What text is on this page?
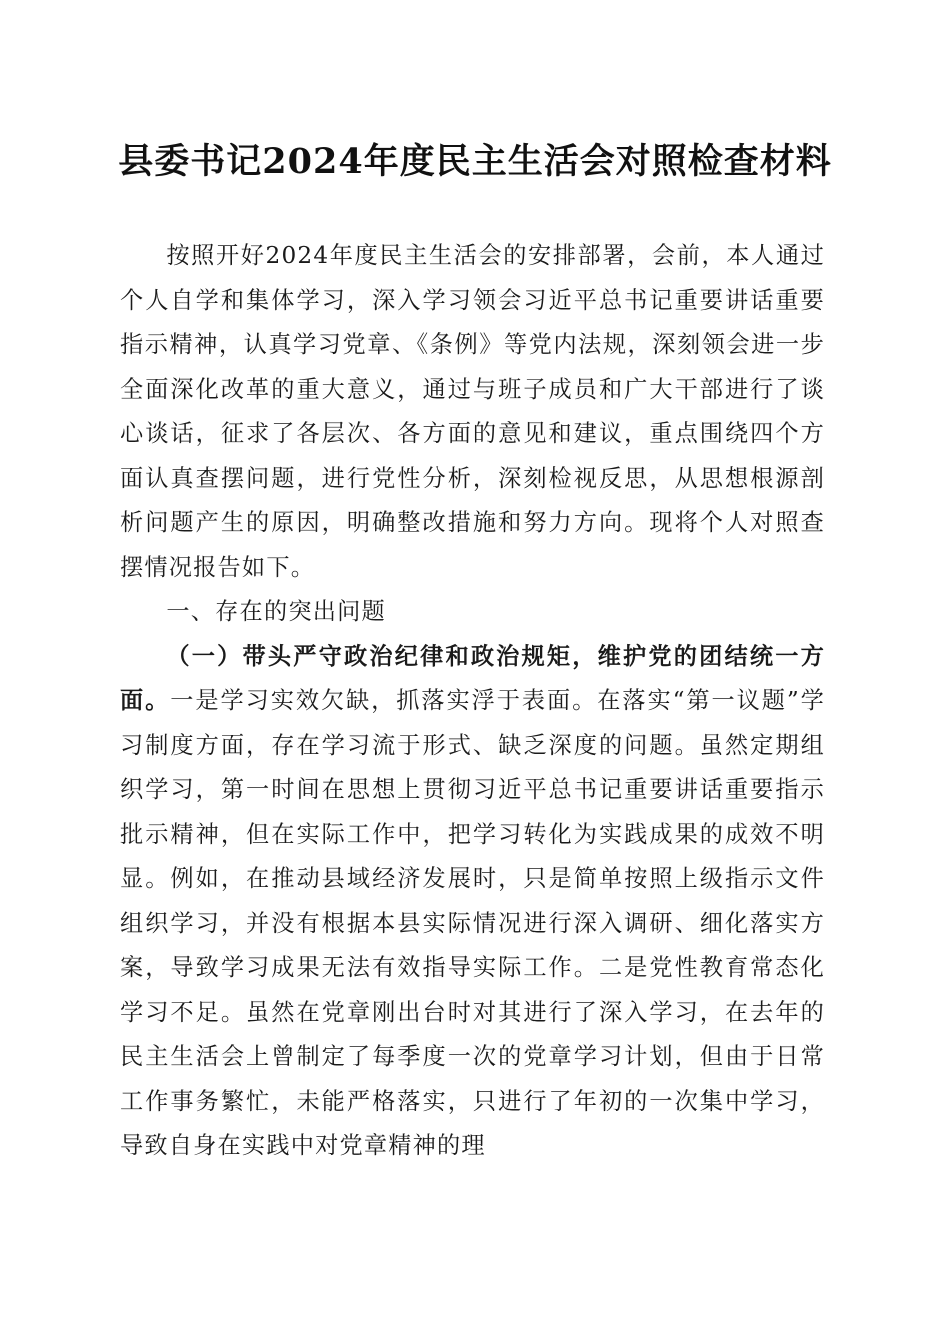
县委书记2024年度民主生活会对照检查材料

按照开好2024年度民主生活会的安排部署，会前，本人通过个人自学和集体学习，深入学习领会习近平总书记重要讲话重要指示精神，认真学习党章、《条例》等党内法规，深刻领会进一步全面深化改革的重大意义，通过与班子成员和广大干部进行了谈心谈话，征求了各层次、各方面的意见和建议，重点围绕四个方面认真查摆问题，进行党性分析，深刻检视反思，从思想根源剖析问题产生的原因，明确整改措施和努力方向。现将个人对照查摆情况报告如下。

一、存在的突出问题

（一）带头严守政治纪律和政治规矩，维护党的团结统一方面。一是学习实效欠缺，抓落实浮于表面。在落实“第一议题”学习制度方面，存在学习流于形式、缺乏深度的问题。虽然定期组织学习，第一时间在思想上贯彻习近平总书记重要讲话重要指示批示精神，但在实际工作中，把学习转化为实践成果的成效不明显。例如，在推动县域经济发展时，只是简单按照上级指示文件组织学习，并没有根据本县实际情况进行深入调研、细化落实方案，导致学习成果无法有效指导实际工作。二是党性教育常态化学习不足。虽然在党章刚出台时对其进行了深入学习，在去年的民主生活会上曾制定了每季度一次的党章学习计划，但由于日常工作事务繁忙，未能严格落实，只进行了年初的一次集中学习，导致自身在实践中对党章精神的理
